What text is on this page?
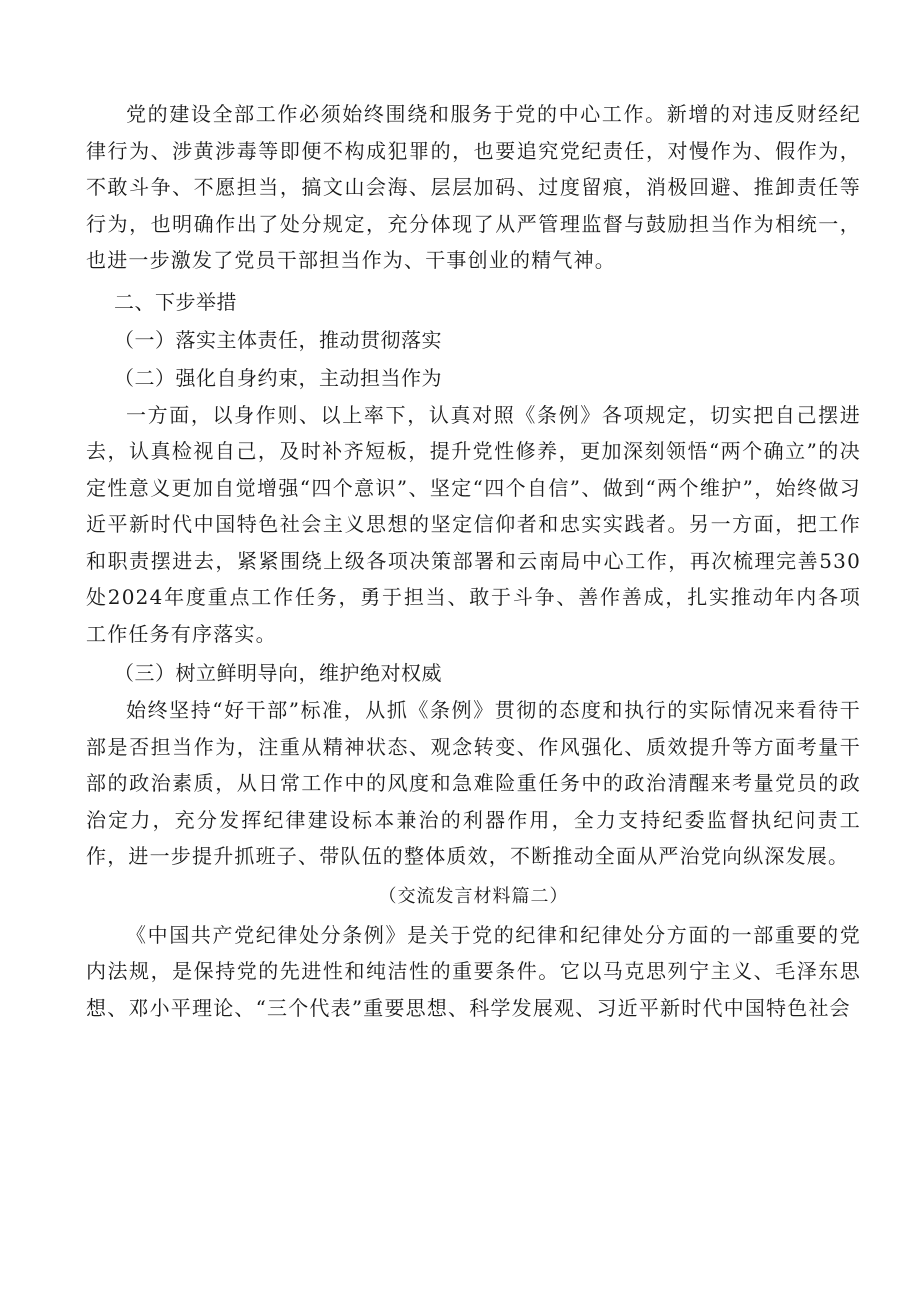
党的建设全部工作必须始终围绕和服务于党的中心工作。新增的对违反财经纪律行为、涉黄涉毒等即便不构成犯罪的，也要追究党纪责任，对慢作为、假作为，不敢斗争、不愿担当，搞文山会海、层层加码、过度留痕，消极回避、推卸责任等行为，也明确作出了处分规定，充分体现了从严管理监督与鼓励担当作为相统一，也进一步激发了党员干部担当作为、干事创业的精气神。

二、下步举措
（一）落实主体责任，推动贯彻落实
（二）强化自身约束，主动担当作为

一方面，以身作则、以上率下，认真对照《条例》各项规定，切实把自己摆进去，认真检视自己，及时补齐短板，提升党性修养，更加深刻领悟“两个确立”的决定性意义更加自觉增强“四个意识”、坚定“四个自信”、做到“两个维护”，始终做习近平新时代中国特色社会主义思想的坚定信仰者和忠实实践者。另一方面，把工作和职责摆进去，紧紧围绕上级各项决策部署和云南局中心工作，再次梳理完善530处2024年度重点工作任务，勇于担当、敢于斗争、善作善成，扎实推动年内各项工作任务有序落实。

（三）树立鲜明导向，维护绝对权威

始终坚持“好干部”标准，从抓《条例》贯彻的态度和执行的实际情况来看待干部是否担当作为，注重从精神状态、观念转变、作风强化、质效提升等方面考量干部的政治素质，从日常工作中的风度和急难险重任务中的政治清醒来考量党员的政治定力，充分发挥纪律建设标本兼治的利器作用，全力支持纪委监督执纪问责工作，进一步提升抓班子、带队伍的整体质效，不断推动全面从严治党向纵深发展。

（交流发言材料篇二）

《中国共产党纪律处分条例》是关于党的纪律和纪律处分方面的一部重要的党内法规，是保持党的先进性和纯洁性的重要条件。它以马克思列宁主义、毛泽东思想、邓小平理论、“三个代表”重要思想、科学发展观、习近平新时代中国特色社会
